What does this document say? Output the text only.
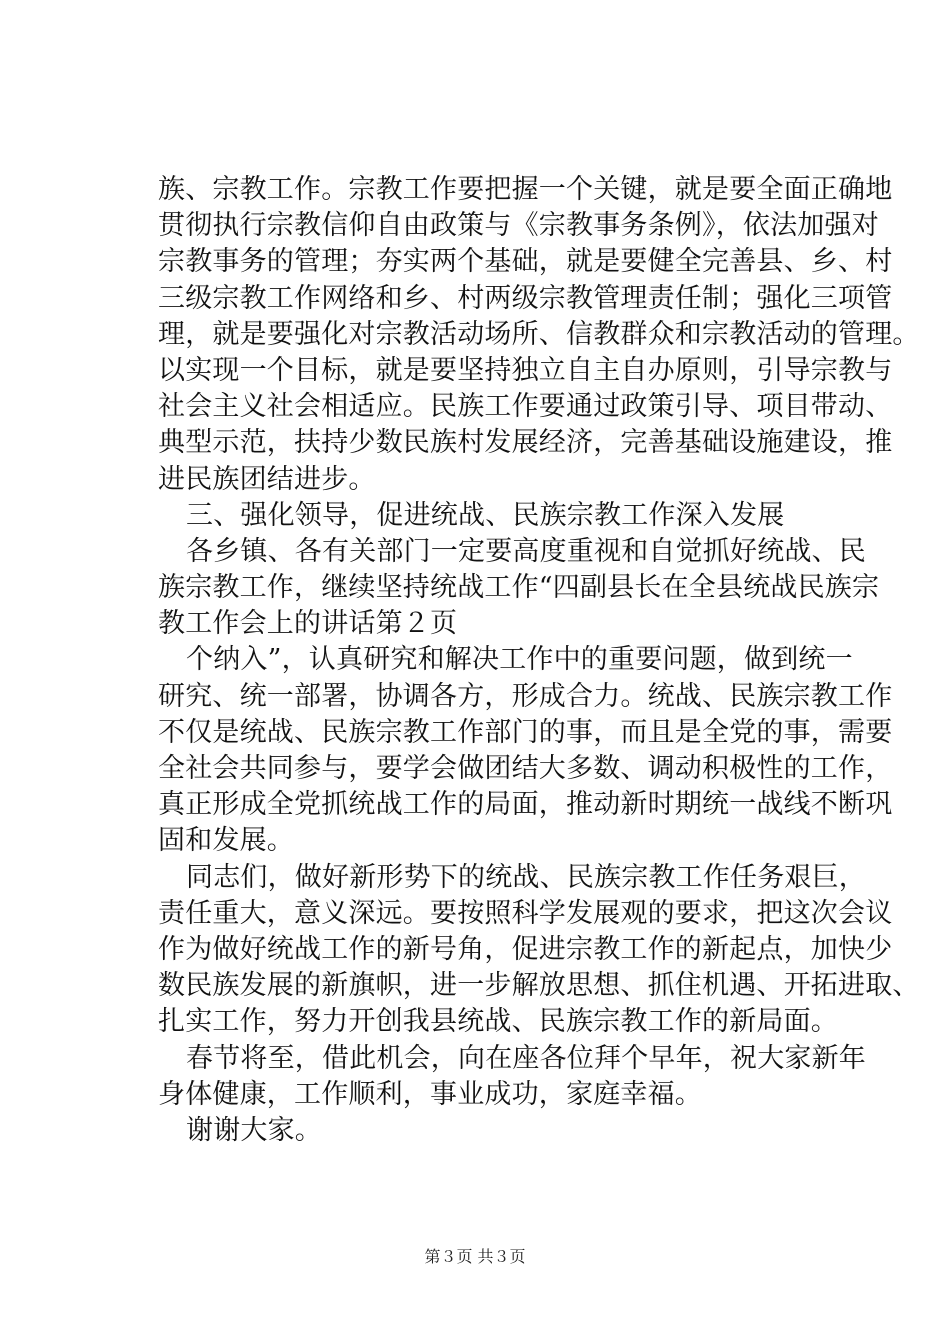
族、宗教工作。宗教工作要把握一个关键，就是要全面正确地
贯彻执行宗教信仰自由政策与《宗教事务条例》，依法加强对
宗教事务的管理；夯实两个基础，就是要健全完善县、乡、村
三级宗教工作网络和乡、村两级宗教管理责任制；强化三项管
理，就是要强化对宗教活动场所、信教群众和宗教活动的管理。
以实现一个目标，就是要坚持独立自主自办原则，引导宗教与
社会主义社会相适应。民族工作要通过政策引导、项目带动、
典型示范，扶持少数民族村发展经济，完善基础设施建设，推
进民族团结进步。
三、强化领导，促进统战、民族宗教工作深入发展
各乡镇、各有关部门一定要高度重视和自觉抓好统战、民
族宗教工作，继续坚持统战工作“四副县长在全县统战民族宗
教工作会上的讲话第２页
个纳入”，认真研究和解决工作中的重要问题，做到统一
研究、统一部署，协调各方，形成合力。统战、民族宗教工作
不仅是统战、民族宗教工作部门的事，而且是全党的事，需要
全社会共同参与，要学会做团结大多数、调动积极性的工作，
真正形成全党抓统战工作的局面，推动新时期统一战线不断巩
固和发展。
同志们，做好新形势下的统战、民族宗教工作任务艰巨，
责任重大，意义深远。要按照科学发展观的要求，把这次会议
作为做好统战工作的新号角，促进宗教工作的新起点，加快少
数民族发展的新旗帜，进一步解放思想、抓住机遇、开拓进取、
扎实工作，努力开创我县统战、民族宗教工作的新局面。
春节将至，借此机会，向在座各位拜个早年，祝大家新年
身体健康，工作顺利，事业成功，家庭幸福。
谢谢大家。
第３页 共３页
